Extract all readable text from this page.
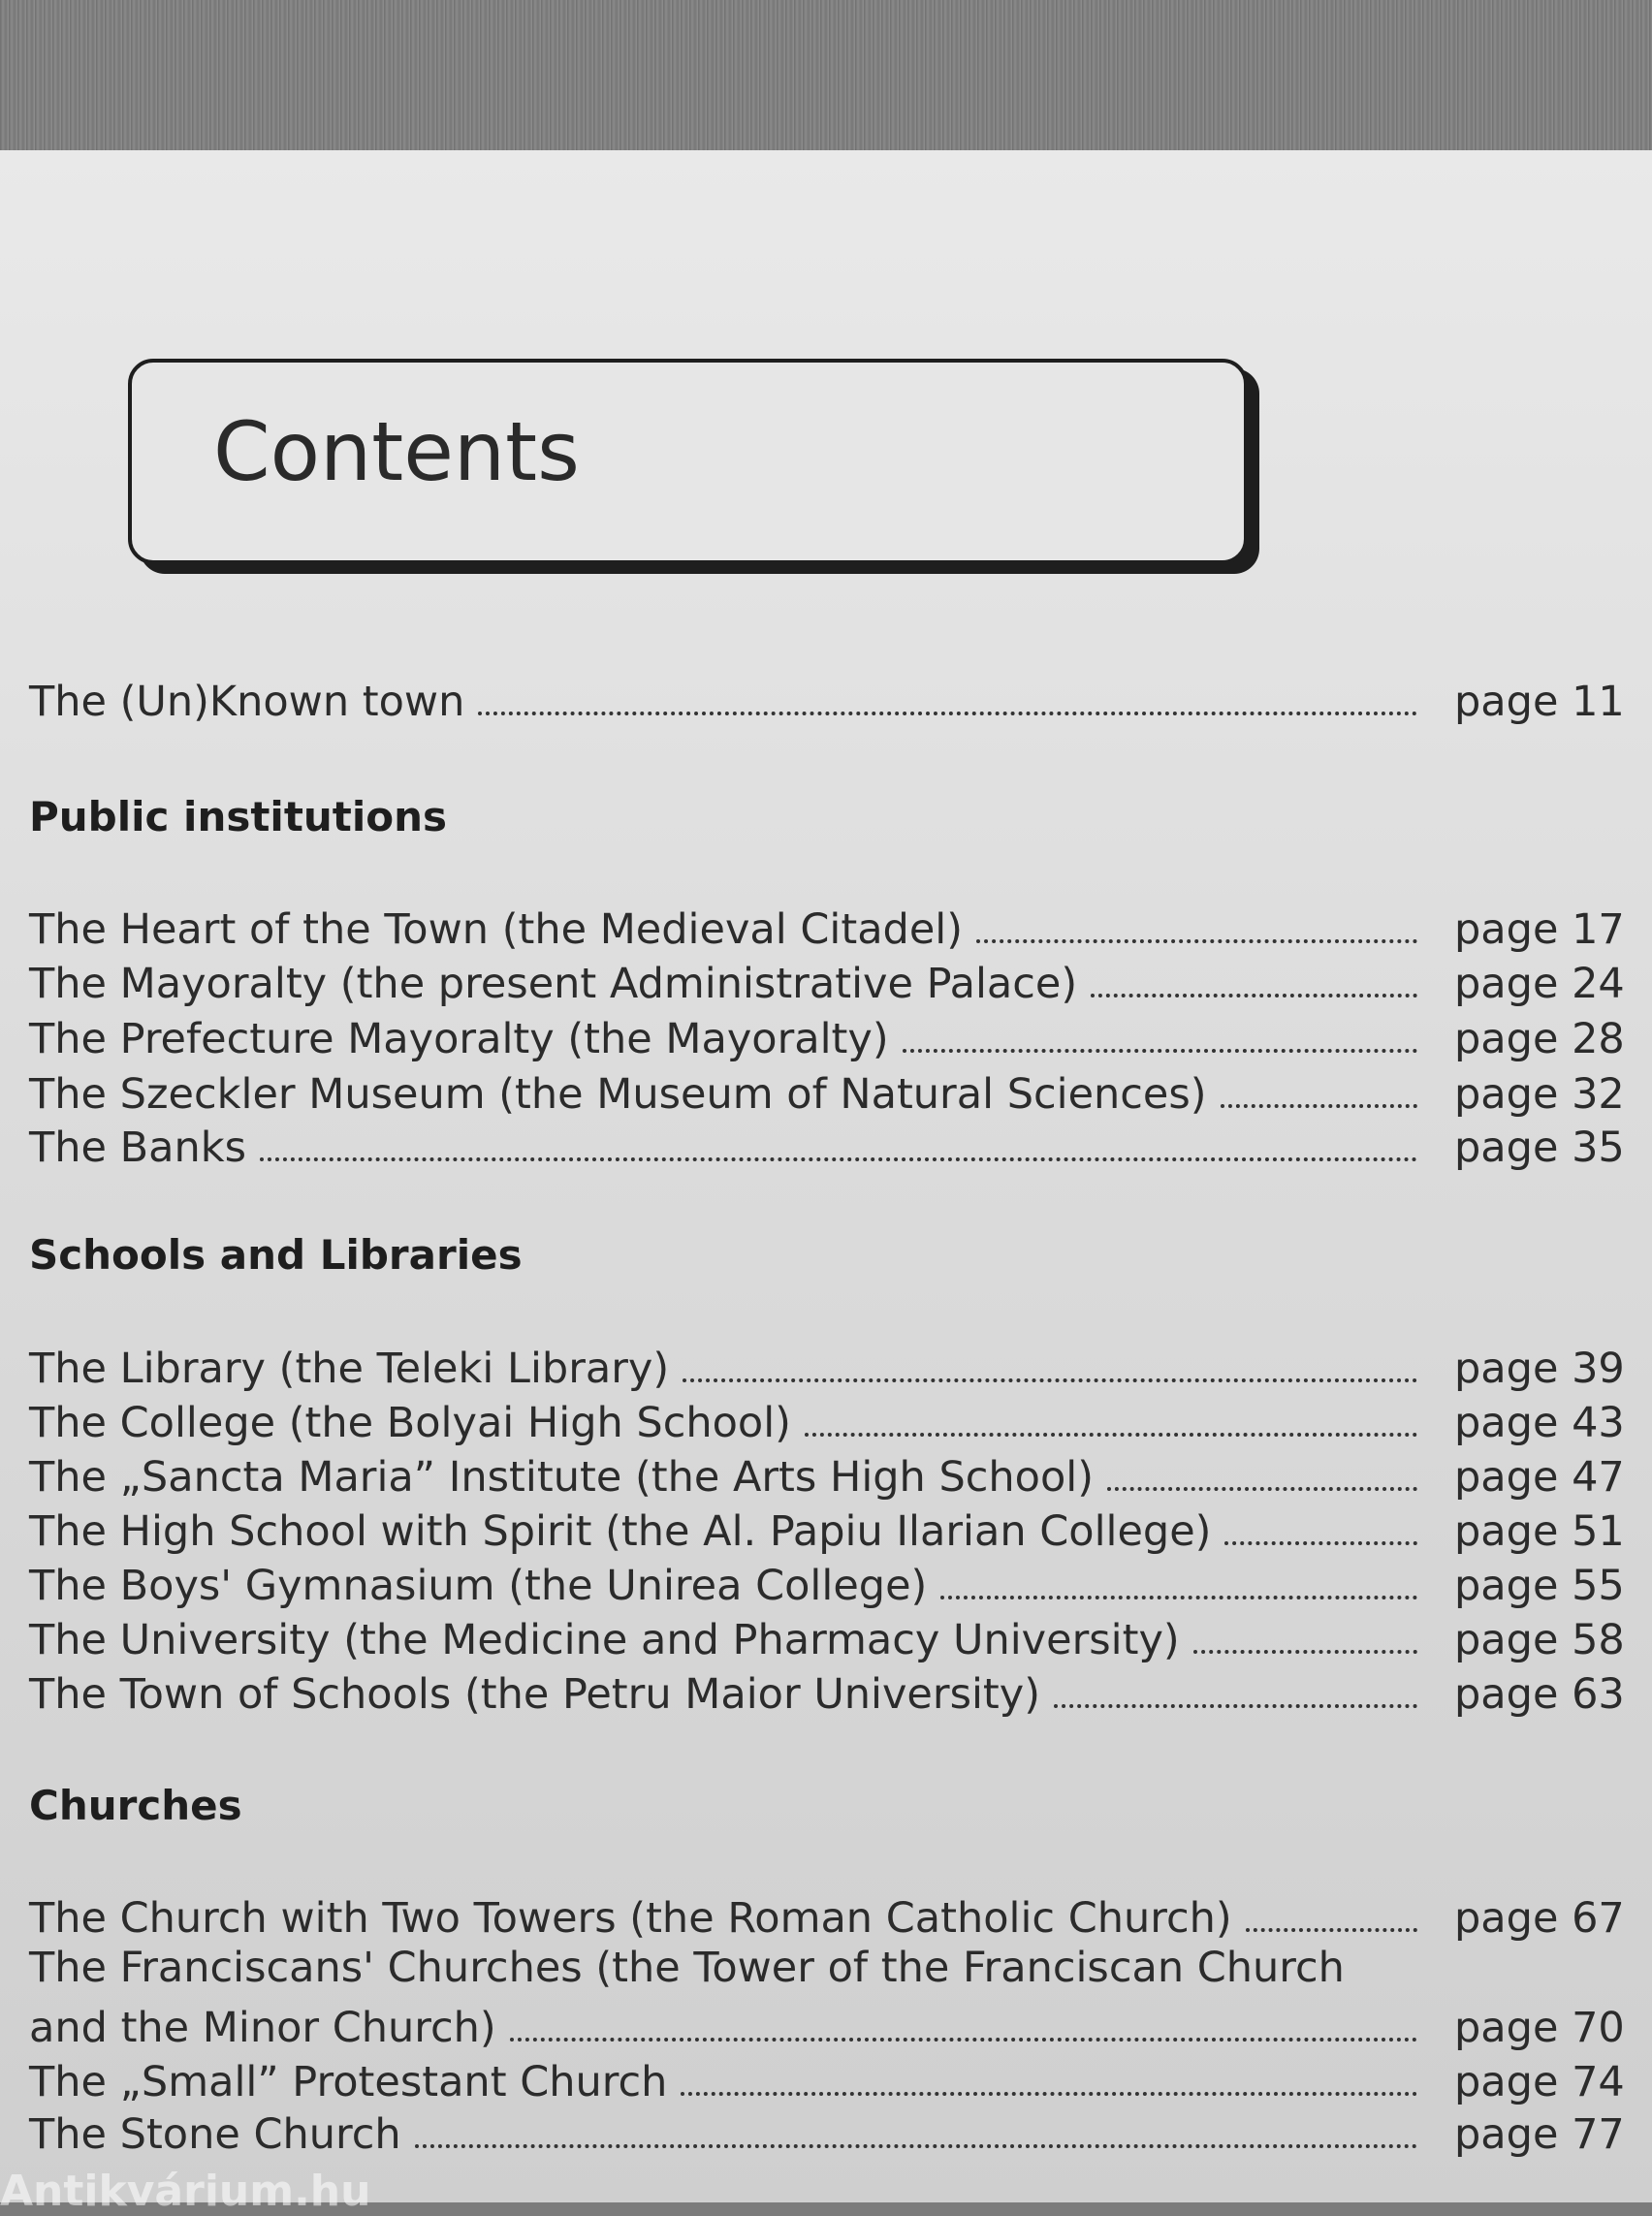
Contents
The (Un)Known town	page 11
Public institutions
The Heart of the Town (the Medieval Citadel)	page 17
The Mayoralty (the present Administrative Palace)	page 24
The Prefecture Mayoralty (the Mayoralty)	page 28
The Szeckler Museum (the Museum of Natural Sciences)	page 32
The Banks	page 35
Schools and Libraries
The Library (the Teleki Library)	page 39
The College (the Bolyai High School)	page 43
The „Sancta Maria” Institute (the Arts High School)	page 47
The High School with Spirit (the Al. Papiu Ilarian College)	page 51
The Boys' Gymnasium (the Unirea College)	page 55
The University (the Medicine and Pharmacy University)	page 58
The Town of Schools (the Petru Maior University)	page 63
Churches
The Church with Two Towers (the Roman Catholic Church)	page 67
The Franciscans' Churches (the Tower of the Franciscan Church
and the Minor Church)	page 70
The „Small” Protestant Church	page 74
The Stone Church	page 77
Antikvárium.hu
